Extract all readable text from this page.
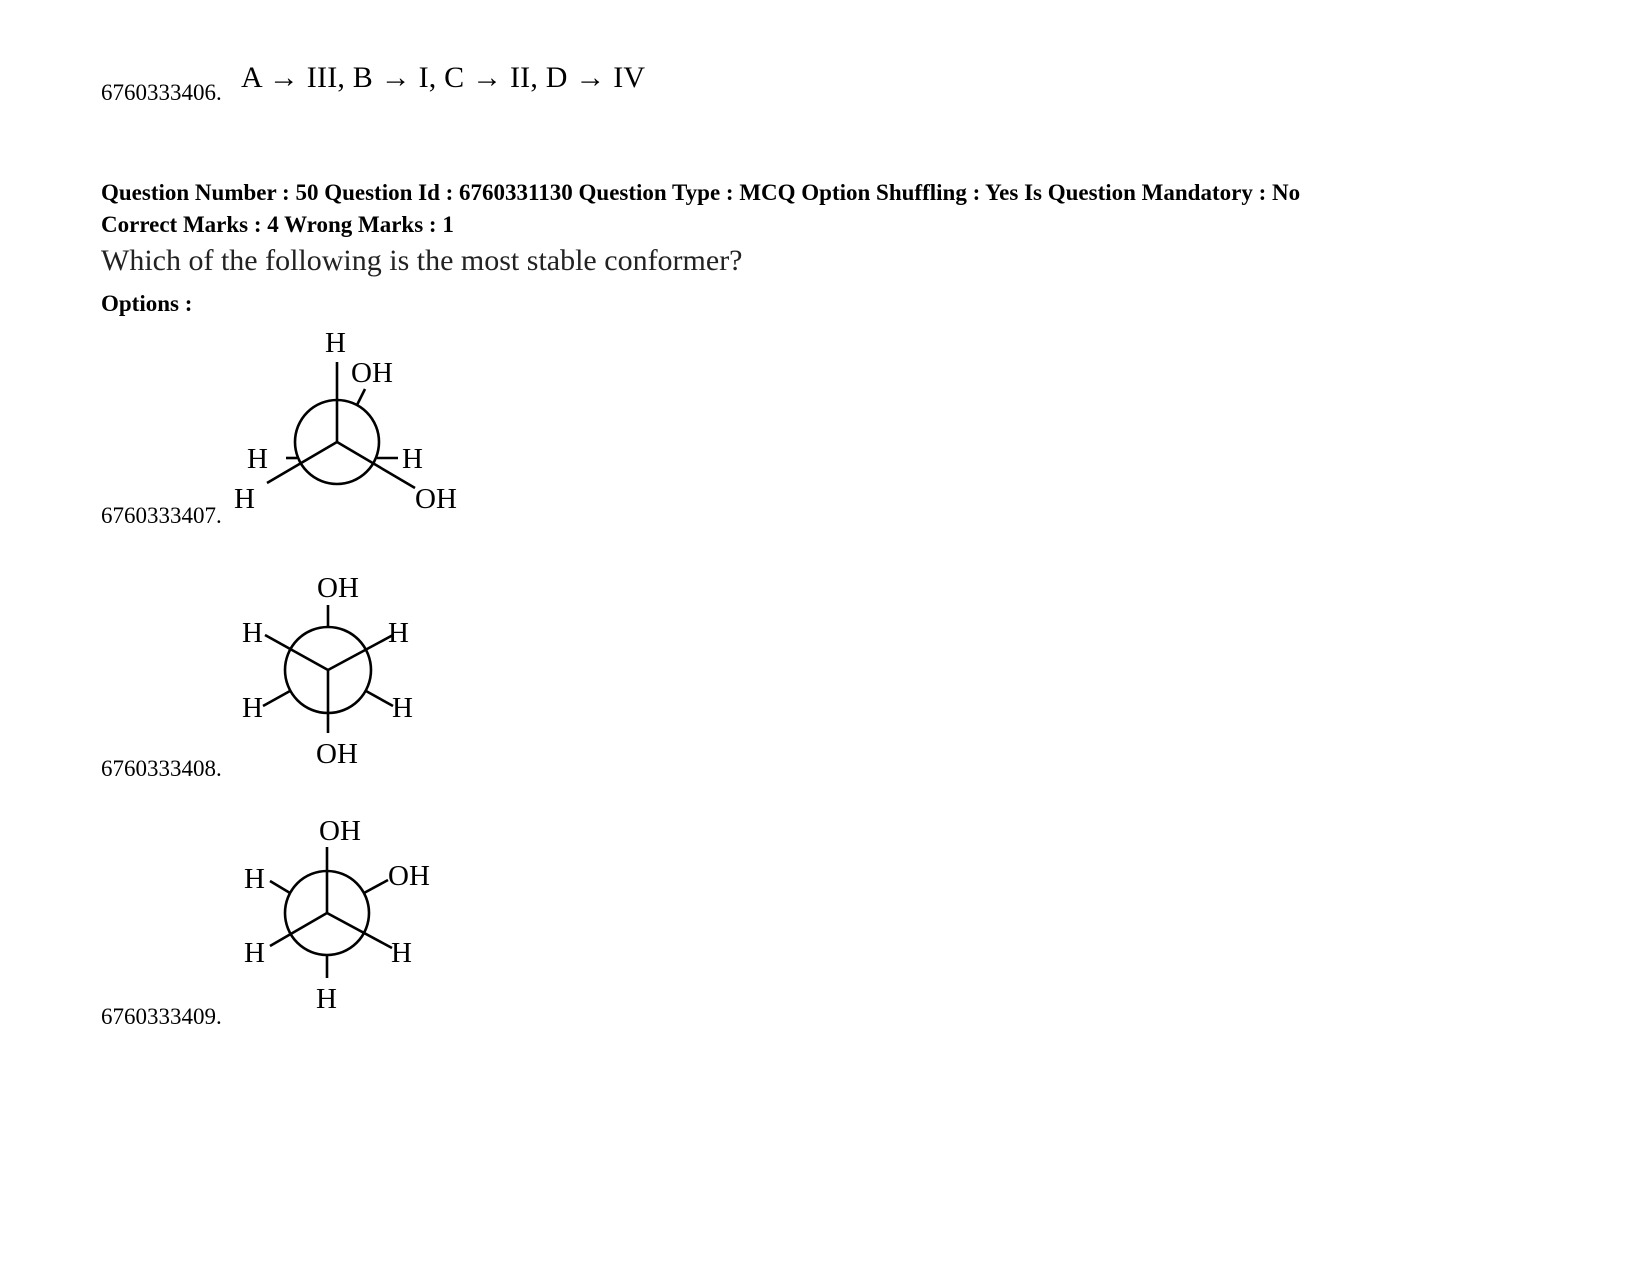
6760333406. A → III, B → I, C → II, D → IV
Question Number : 50 Question Id : 6760331130 Question Type : MCQ Option Shuffling : Yes Is Question Mandatory : No
Correct Marks : 4 Wrong Marks : 1
Which of the following is the most stable conformer?
Options :
6760333407.
H
OH
H	H
H	OH
6760333408.
OH
H	H
H	H
OH
6760333409.
OH
H	OH
H	H
H
